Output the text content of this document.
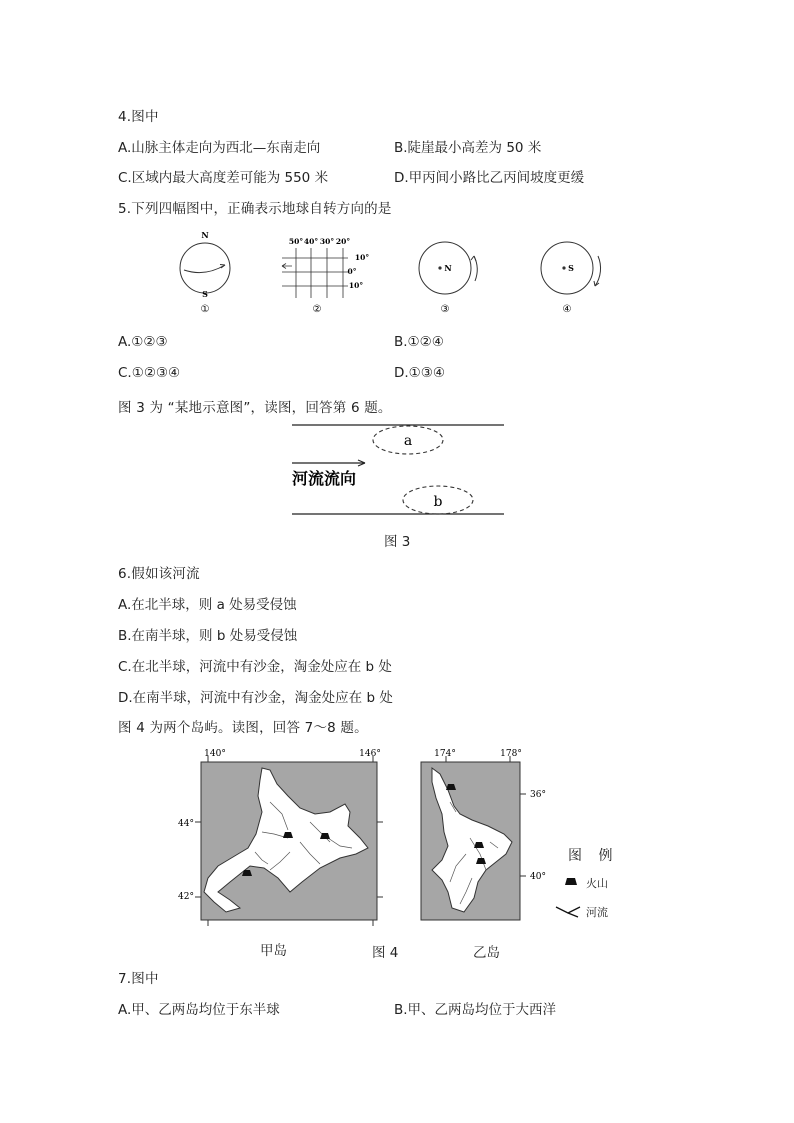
4.图中
A.山脉主体走向为西北—东南走向	B.陡崖最小高差为 50 米
C.区域内最大高度差可能为 550 米	D.甲丙间小路比乙丙间坡度更缓
5.下列四幅图中，正确表示地球自转方向的是
N
S
①
50° 40° 30° 20°
10°
0°
10°
②
N
③
S
④
A.①②③	B.①②④
C.①②③④	D.①③④
图 3 为 “某地示意图”，读图，回答第 6 题。
a
b
河流流向
图 3
6.假如该河流
A.在北半球，则 a 处易受侵蚀
B.在南半球，则 b 处易受侵蚀
C.在北半球，河流中有沙金，淘金处应在 b 处
D.在南半球，河流中有沙金，淘金处应在 b 处
图 4 为两个岛屿。读图，回答 7～8 题。
140°	146°
44°
42°
174°	178°
36°
40°
图 例
火山
河流
甲岛	图 4	乙岛
7.图中
A.甲、乙两岛均位于东半球	B.甲、乙两岛均位于大西洋
